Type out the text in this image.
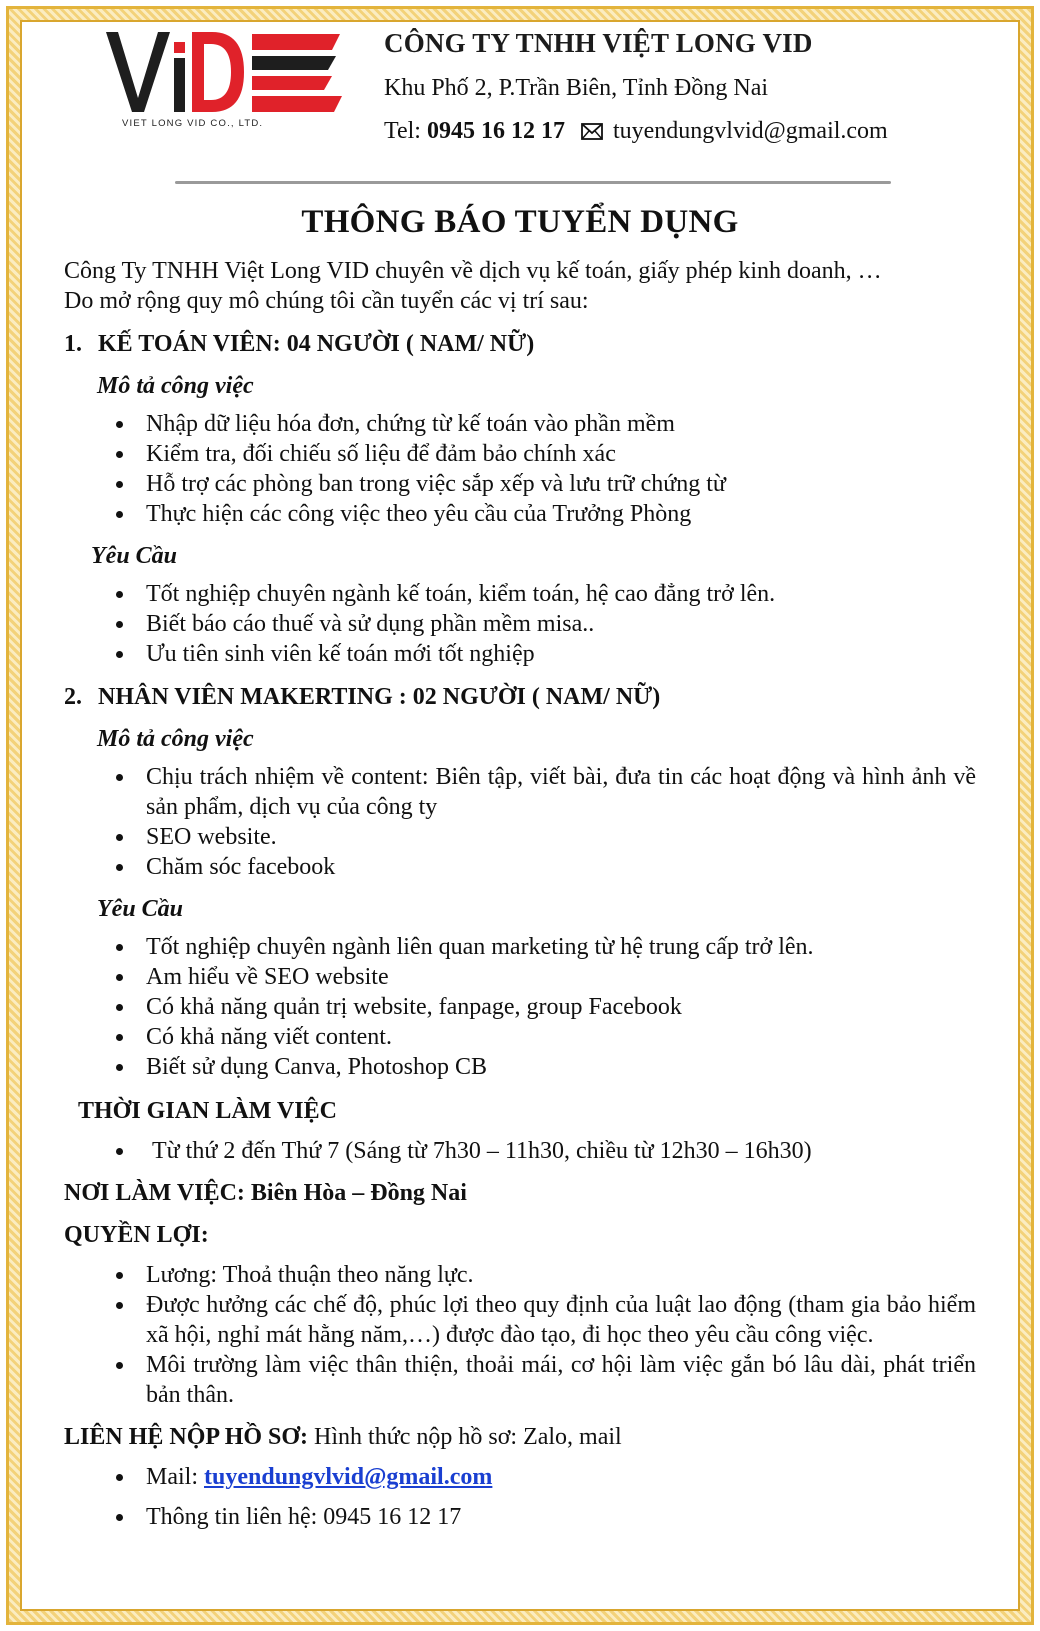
VIET LONG VID CO., LTD.
CÔNG TY TNHH VIỆT LONG VID
Khu Phố 2, P.Trần Biên, Tỉnh Đồng Nai
Tel: 0945 16 12 17 tuyendungvlvid@gmail.com
THÔNG BÁO TUYỂN DỤNG

Công Ty TNHH Việt Long VID chuyên về dịch vụ kế toán, giấy phép kinh doanh, …

Do mở rộng quy mô chúng tôi cần tuyển các vị trí sau:

1. KẾ TOÁN VIÊN: 04 NGƯỜI ( NAM/ NỮ)
Mô tả công việc
Nhập dữ liệu hóa đơn, chứng từ kế toán vào phần mềm
Kiểm tra, đối chiếu số liệu để đảm bảo chính xác
Hỗ trợ các phòng ban trong việc sắp xếp và lưu trữ chứng từ
Thực hiện các công việc theo yêu cầu của Trưởng Phòng
Yêu Cầu
Tốt nghiệp chuyên ngành kế toán, kiểm toán, hệ cao đẳng trở lên.
Biết báo cáo thuế và sử dụng phần mềm misa..
Ưu tiên sinh viên kế toán mới tốt nghiệp
2. NHÂN VIÊN MAKERTING : 02 NGƯỜI ( NAM/ NỮ)
Mô tả công việc
Chịu trách nhiệm về content: Biên tập, viết bài, đưa tin các hoạt động và hình ảnh về sản phẩm, dịch vụ của công ty
SEO website.
Chăm sóc facebook
Yêu Cầu
Tốt nghiệp chuyên ngành liên quan marketing từ hệ trung cấp trở lên.
Am hiểu về SEO website
Có khả năng quản trị website, fanpage, group Facebook
Có khả năng viết content.
Biết sử dụng Canva, Photoshop CB
THỜI GIAN LÀM VIỆC
Từ thứ 2 đến Thứ 7 (Sáng từ 7h30 – 11h30, chiều từ 12h30 – 16h30)
NƠI LÀM VIỆC: Biên Hòa – Đồng Nai
QUYỀN LỢI:
Lương: Thoả thuận theo năng lực.
Được hưởng các chế độ, phúc lợi theo quy định của luật lao động (tham gia bảo hiểm xã hội, nghỉ mát hằng năm,…) được đào tạo, đi học theo yêu cầu công việc.
Môi trường làm việc thân thiện, thoải mái, cơ hội làm việc gắn bó lâu dài, phát triển bản thân.
LIÊN HỆ NỘP HỒ SƠ: Hình thức nộp hồ sơ: Zalo, mail
Mail: tuyendungvlvid@gmail.com
Thông tin liên hệ: 0945 16 12 17
